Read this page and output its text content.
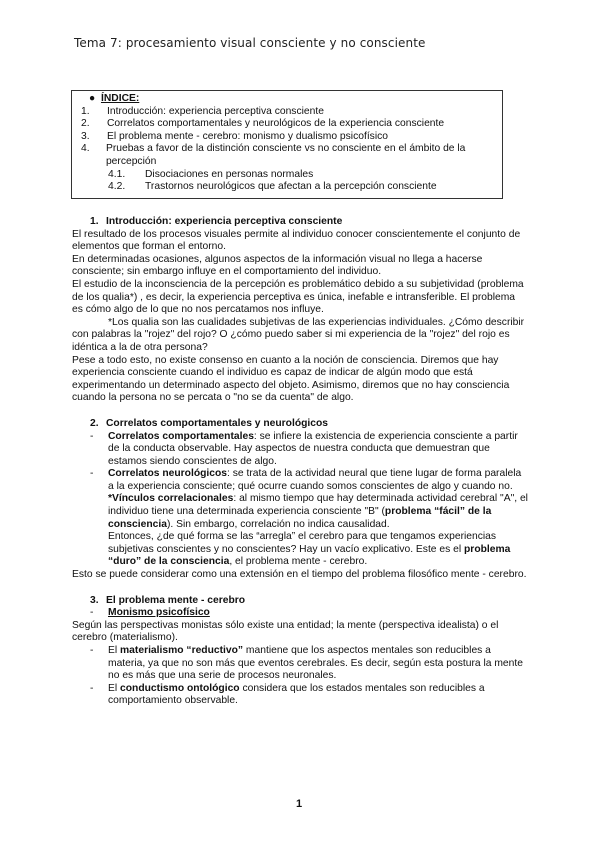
Tema 7: procesamiento visual consciente y no consciente
● ÍNDICE:
1.	Introducción: experiencia perceptiva consciente
2.	Correlatos comportamentales y neurológicos de la experiencia consciente
3.	El problema mente - cerebro: monismo y dualismo psicofísico
4.	Pruebas a favor de la distinción consciente vs no consciente en el ámbito de la percepción
4.1.	Disociaciones en personas normales
4.2.	Trastornos neurológicos que afectan a la percepción consciente

1. Introducción: experiencia perceptiva consciente

El resultado de los procesos visuales permite al individuo conocer conscientemente el conjunto de elementos que forman el entorno.

En determinadas ocasiones, algunos aspectos de la información visual no llega a hacerse consciente; sin embargo influye en el comportamiento del individuo.

El estudio de la inconsciencia de la percepción es problemático debido a su subjetividad (problema de los qualia*) , es decir, la experiencia perceptiva es única, inefable e intransferible. El problema es cómo algo de lo que no nos percatamos nos influye.

*Los qualia son las cualidades subjetivas de las experiencias individuales. ¿Cómo describir con palabras la "rojez" del rojo? O ¿cómo puedo saber si mi experiencia de la "rojez" del rojo es idéntica a la de otra persona?

Pese a todo esto, no existe consenso en cuanto a la noción de consciencia. Diremos que hay experiencia consciente cuando el individuo es capaz de indicar de algún modo que está experimentando un determinado aspecto del objeto. Asimismo, diremos que no hay consciencia cuando la persona no se percata o "no se da cuenta" de algo.

2. Correlatos comportamentales y neurológicos

-	Correlatos comportamentales: se infiere la existencia de experiencia consciente a partir de la conducta observable. Hay aspectos de nuestra conducta que demuestran que estamos siendo conscientes de algo.
-	Correlatos neurológicos: se trata de la actividad neural que tiene lugar de forma paralela a la experiencia consciente; qué ocurre cuando somos conscientes de algo y cuando no.

*Vínculos correlacionales: al mismo tiempo que hay determinada actividad cerebral "A", el individuo tiene una determinada experiencia consciente "B" (problema “fácil” de la consciencia). Sin embargo, correlación no indica causalidad.

Entonces, ¿de qué forma se las “arregla” el cerebro para que tengamos experiencias subjetivas conscientes y no conscientes? Hay un vacío explicativo. Este es el problema “duro” de la consciencia, el problema mente - cerebro.

Esto se puede considerar como una extensión en el tiempo del problema filosófico mente - cerebro.

3. El problema mente - cerebro

-	Monismo psicofísico

Según las perspectivas monistas sólo existe una entidad; la mente (perspectiva idealista) o el cerebro (materialismo).

-	El materialismo “reductivo” mantiene que los aspectos mentales son reducibles a materia, ya que no son más que eventos cerebrales. Es decir, según esta postura la mente no es más que una serie de procesos neuronales.
-	El conductismo ontológico considera que los estados mentales son reducibles a comportamiento observable.
1
